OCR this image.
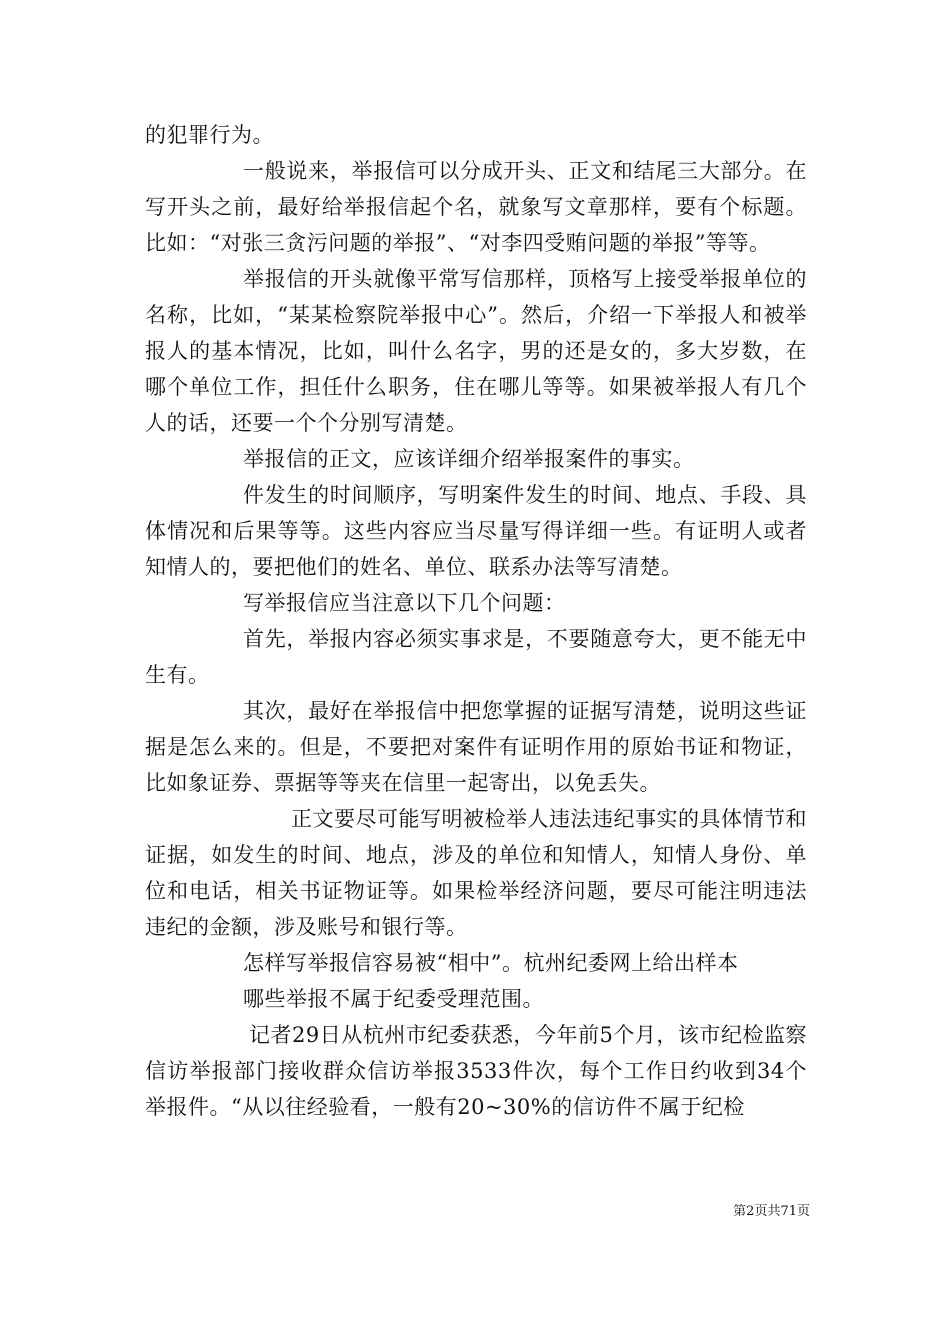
的犯罪行为。

一般说来，举报信可以分成开头、正文和结尾三大部分。在写开头之前，最好给举报信起个名，就象写文章那样，要有个标题。比如：“对张三贪污问题的举报”、“对李四受贿问题的举报”等等。

举报信的开头就像平常写信那样，顶格写上接受举报单位的名称，比如，“某某检察院举报中心”。然后，介绍一下举报人和被举报人的基本情况，比如，叫什么名字，男的还是女的，多大岁数，在哪个单位工作，担任什么职务，住在哪儿等等。如果被举报人有几个人的话，还要一个个分别写清楚。

举报信的正文，应该详细介绍举报案件的事实。

件发生的时间顺序，写明案件发生的时间、地点、手段、具体情况和后果等等。这些内容应当尽量写得详细一些。有证明人或者知情人的，要把他们的姓名、单位、联系办法等写清楚。

写举报信应当注意以下几个问题：

首先，举报内容必须实事求是，不要随意夸大，更不能无中生有。

其次，最好在举报信中把您掌握的证据写清楚，说明这些证据是怎么来的。但是，不要把对案件有证明作用的原始书证和物证，比如象证券、票据等等夹在信里一起寄出，以免丢失。

正文要尽可能写明被检举人违法违纪事实的具体情节和证据，如发生的时间、地点，涉及的单位和知情人，知情人身份、单位和电话，相关书证物证等。如果检举经济问题，要尽可能注明违法违纪的金额，涉及账号和银行等。

怎样写举报信容易被“相中”。杭州纪委网上给出样本

哪些举报不属于纪委受理范围。

记者29日从杭州市纪委获悉，今年前5个月，该市纪检监察信访举报部门接收群众信访举报3533件次，每个工作日约收到34个举报件。“从以往经验看，一般有20~30%的信访件不属于纪检

第2页共71页
